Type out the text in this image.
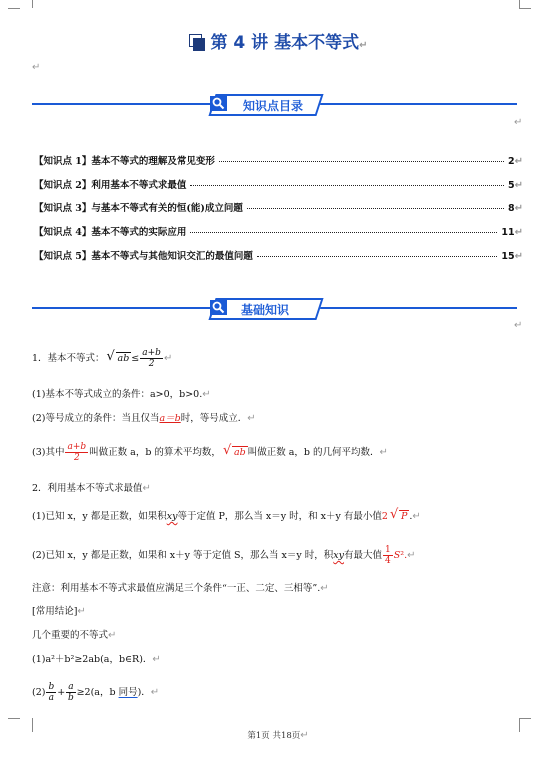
第 4 讲 基本不等式↵
↵
知识点目录
↵
【知识点 1】基本不等式的理解及常见变形	2 ↵
【知识点 2】利用基本不等式求最值	5 ↵
【知识点 3】与基本不等式有关的恒(能)成立问题	8 ↵
【知识点 4】基本不等式的实际应用	11 ↵
【知识点 5】基本不等式与其他知识交汇的最值问题	15 ↵
基础知识
↵
1．基本不等式： √ ab ≤ $\frac{a+b}{2}$ ↵
(1)基本不等式成立的条件：a>0，b>0.↵
(2)等号成立的条件：当且仅当a＝b时，等号成立．↵
(3)其中 $\frac{a+b}{2}$ 叫做正数 a，b 的算术平均数， √ ab 叫做正数 a，b 的几何平均数．↵
2．利用基本不等式求最值↵
(1)已知 x，y 都是正数，如果积xy等于定值 P，那么当 x＝y 时，和 x＋y 有最小值2 √ P .↵
(2)已知 x，y 都是正数，如果和 x＋y 等于定值 S，那么当 x＝y 时，积xy有最大值 $\frac{1}{4}$ S².↵
注意：利用基本不等式求最值应满足三个条件“一正、二定、三相等”.↵
[常用结论]↵
几个重要的不等式↵
(1)a²＋b²≥2ab(a，b∈R)．↵
$(2) \frac{b}{a} + \frac{a}{b} \ge 2(a$，b 同号)．↵
第1页 共18页↵
